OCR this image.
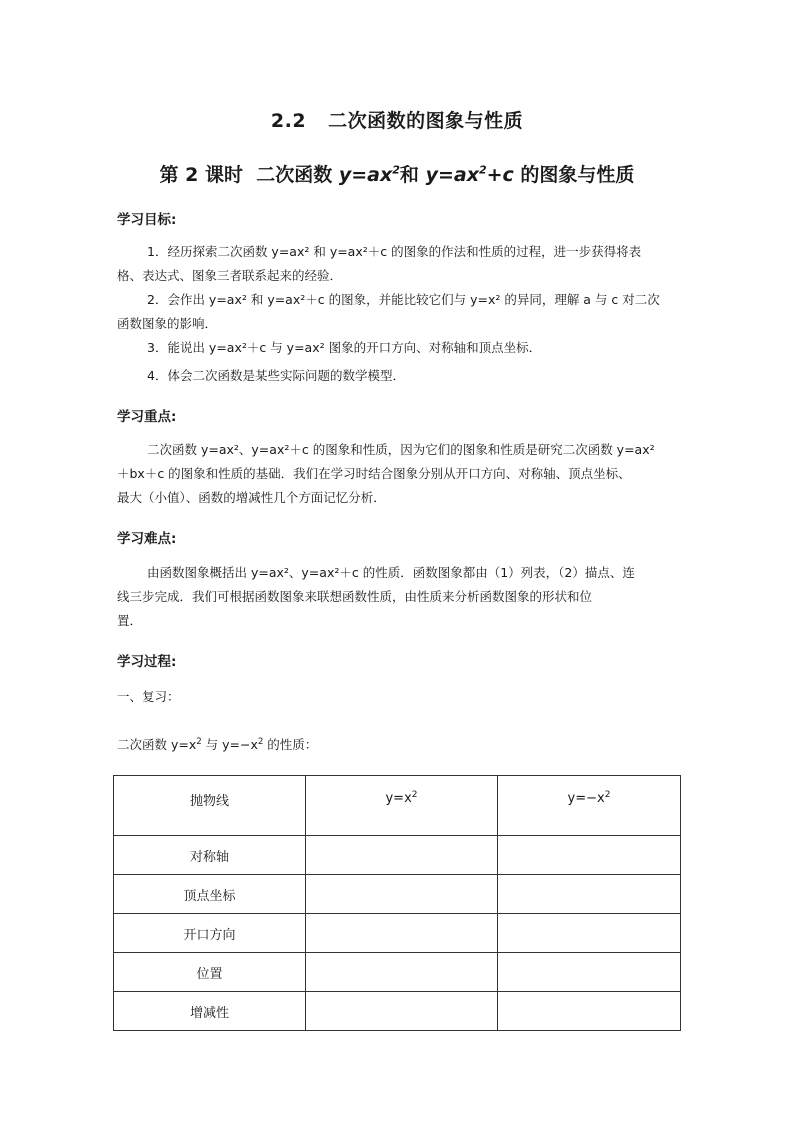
2.2 二次函数的图象与性质
第 2 课时 二次函数 $y=ax^2$和 $y=ax^2+c$ 的图象与性质
学习目标:
1．经历探索二次函数 y=ax² 和 y=ax²＋c 的图象的作法和性质的过程，进一步获得将表
格、表达式、图象三者联系起来的经验．
2．会作出 y=ax² 和 y=ax²＋c 的图象，并能比较它们与 y=x² 的异同，理解 a 与 c 对二次
函数图象的影响．
3．能说出 y=ax²＋c 与 y=ax² 图象的开口方向、对称轴和顶点坐标．
4．体会二次函数是某些实际问题的数学模型．
学习重点:
二次函数 y=ax²、y=ax²＋c 的图象和性质，因为它们的图象和性质是研究二次函数 y=ax²
＋bx＋c 的图象和性质的基础．我们在学习时结合图象分别从开口方向、对称轴、顶点坐标、
最大（小值）、函数的增减性几个方面记忆分析．
学习难点:
由函数图象概括出 y=ax²、y=ax²＋c 的性质．函数图象都由（1）列表，（2）描点、连
线三步完成．我们可根据函数图象来联想函数性质，由性质来分析函数图象的形状和位
置．
学习过程:
一、复习：
二次函数 $y=x^2$ 与 $y=-x^2$ 的性质：
抛物线	$y=x^2$	$y=-x^2$
对称轴		
顶点坐标		
开口方向		
位置		
增减性		
